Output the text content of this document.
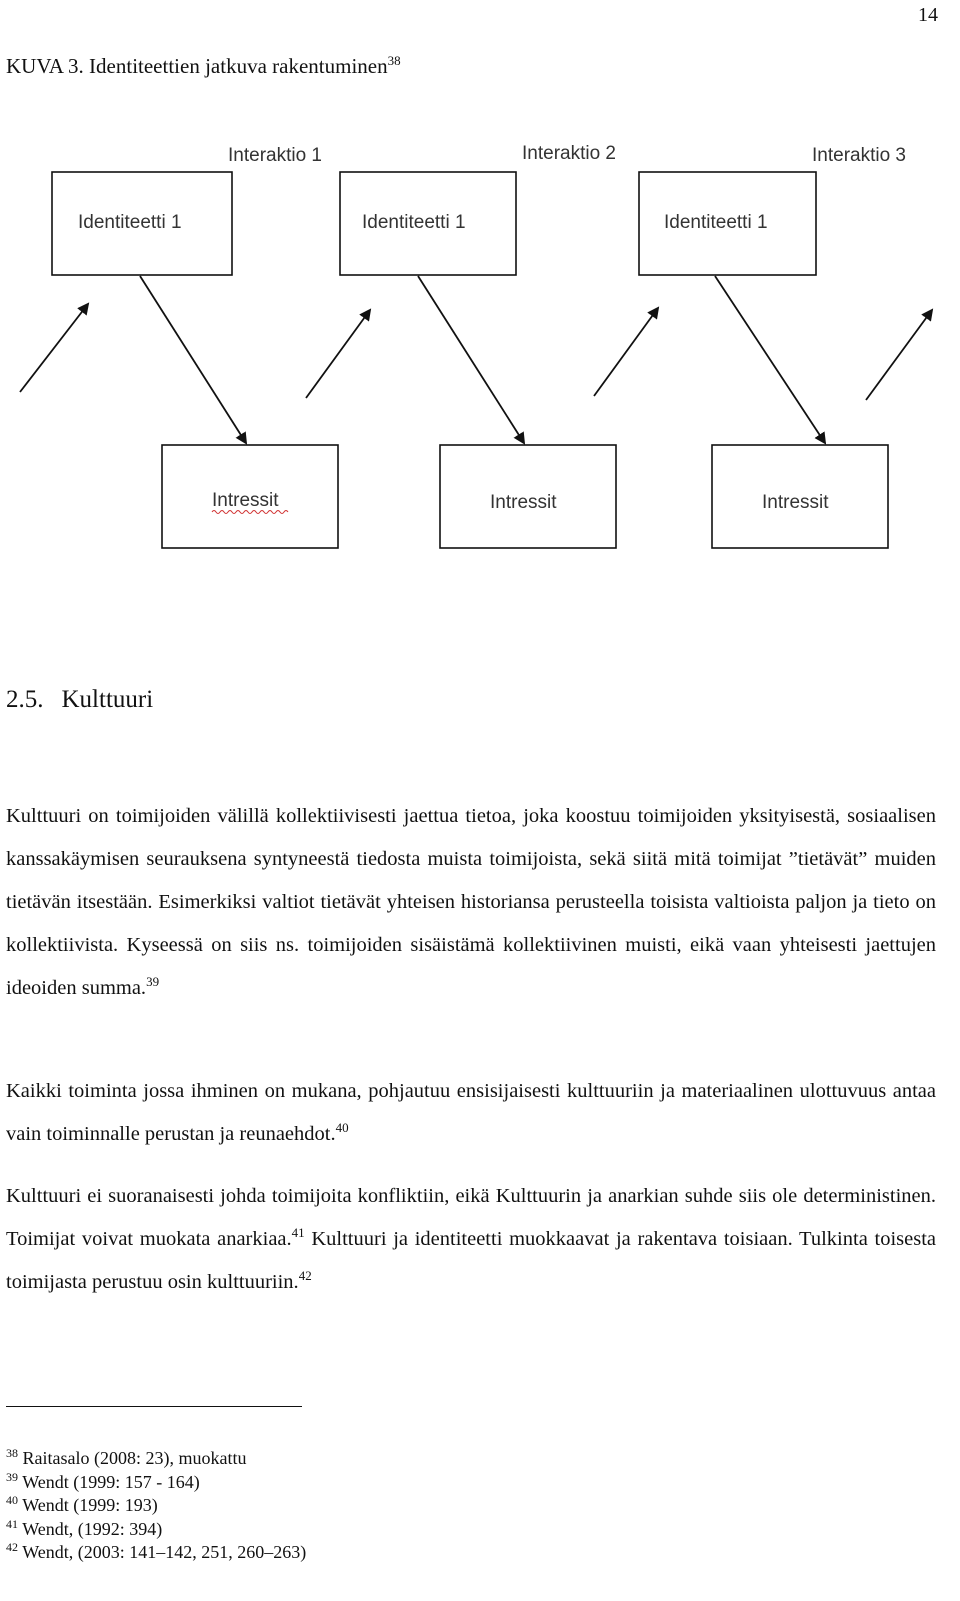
14
KUVA 3. Identiteettien jatkuva rakentuminen$^{38}$
Interaktio 1	Interaktio 2	Interaktio 3
Identiteetti 1	Identiteetti 1	Identiteetti 1
Intressit	Intressit	Intressit
2.5. Kulttuuri

Kulttuuri on toimijoiden välillä kollektiivisesti jaettua tietoa, joka koostuu toimijoiden yksityisestä, sosiaalisen kanssakäymisen seurauksena syntyneestä tiedosta muista toimijoista, sekä siitä mitä toimijat ”tietävät” muiden tietävän itsestään. Esimerkiksi valtiot tietävät yhteisen historiansa perusteella toisista valtioista paljon ja tieto on kollektiivista. Kyseessä on siis ns. toimijoiden sisäistämä kollektiivinen muisti, eikä vaan yhteisesti jaettujen ideoiden summa.$^{39}$

Kaikki toiminta jossa ihminen on mukana, pohjautuu ensisijaisesti kulttuuriin ja materiaalinen ulottuvuus antaa vain toiminnalle perustan ja reunaehdot.$^{40}$

Kulttuuri ei suoranaisesti johda toimijoita konfliktiin, eikä Kulttuurin ja anarkian suhde siis ole deterministinen. Toimijat voivat muokata anarkiaa.$^{41}$ Kulttuuri ja identiteetti muokkaavat ja rakentava toisiaan. Tulkinta toisesta toimijasta perustuu osin kulttuuriin.$^{42}$

$^{38}$ Raitasalo (2008: 23), muokattu
$^{39}$ Wendt (1999: 157 - 164)
$^{40}$ Wendt (1999: 193)
$^{41}$ Wendt, (1992: 394)
$^{42}$ Wendt, (2003: 141–142, 251, 260–263)
